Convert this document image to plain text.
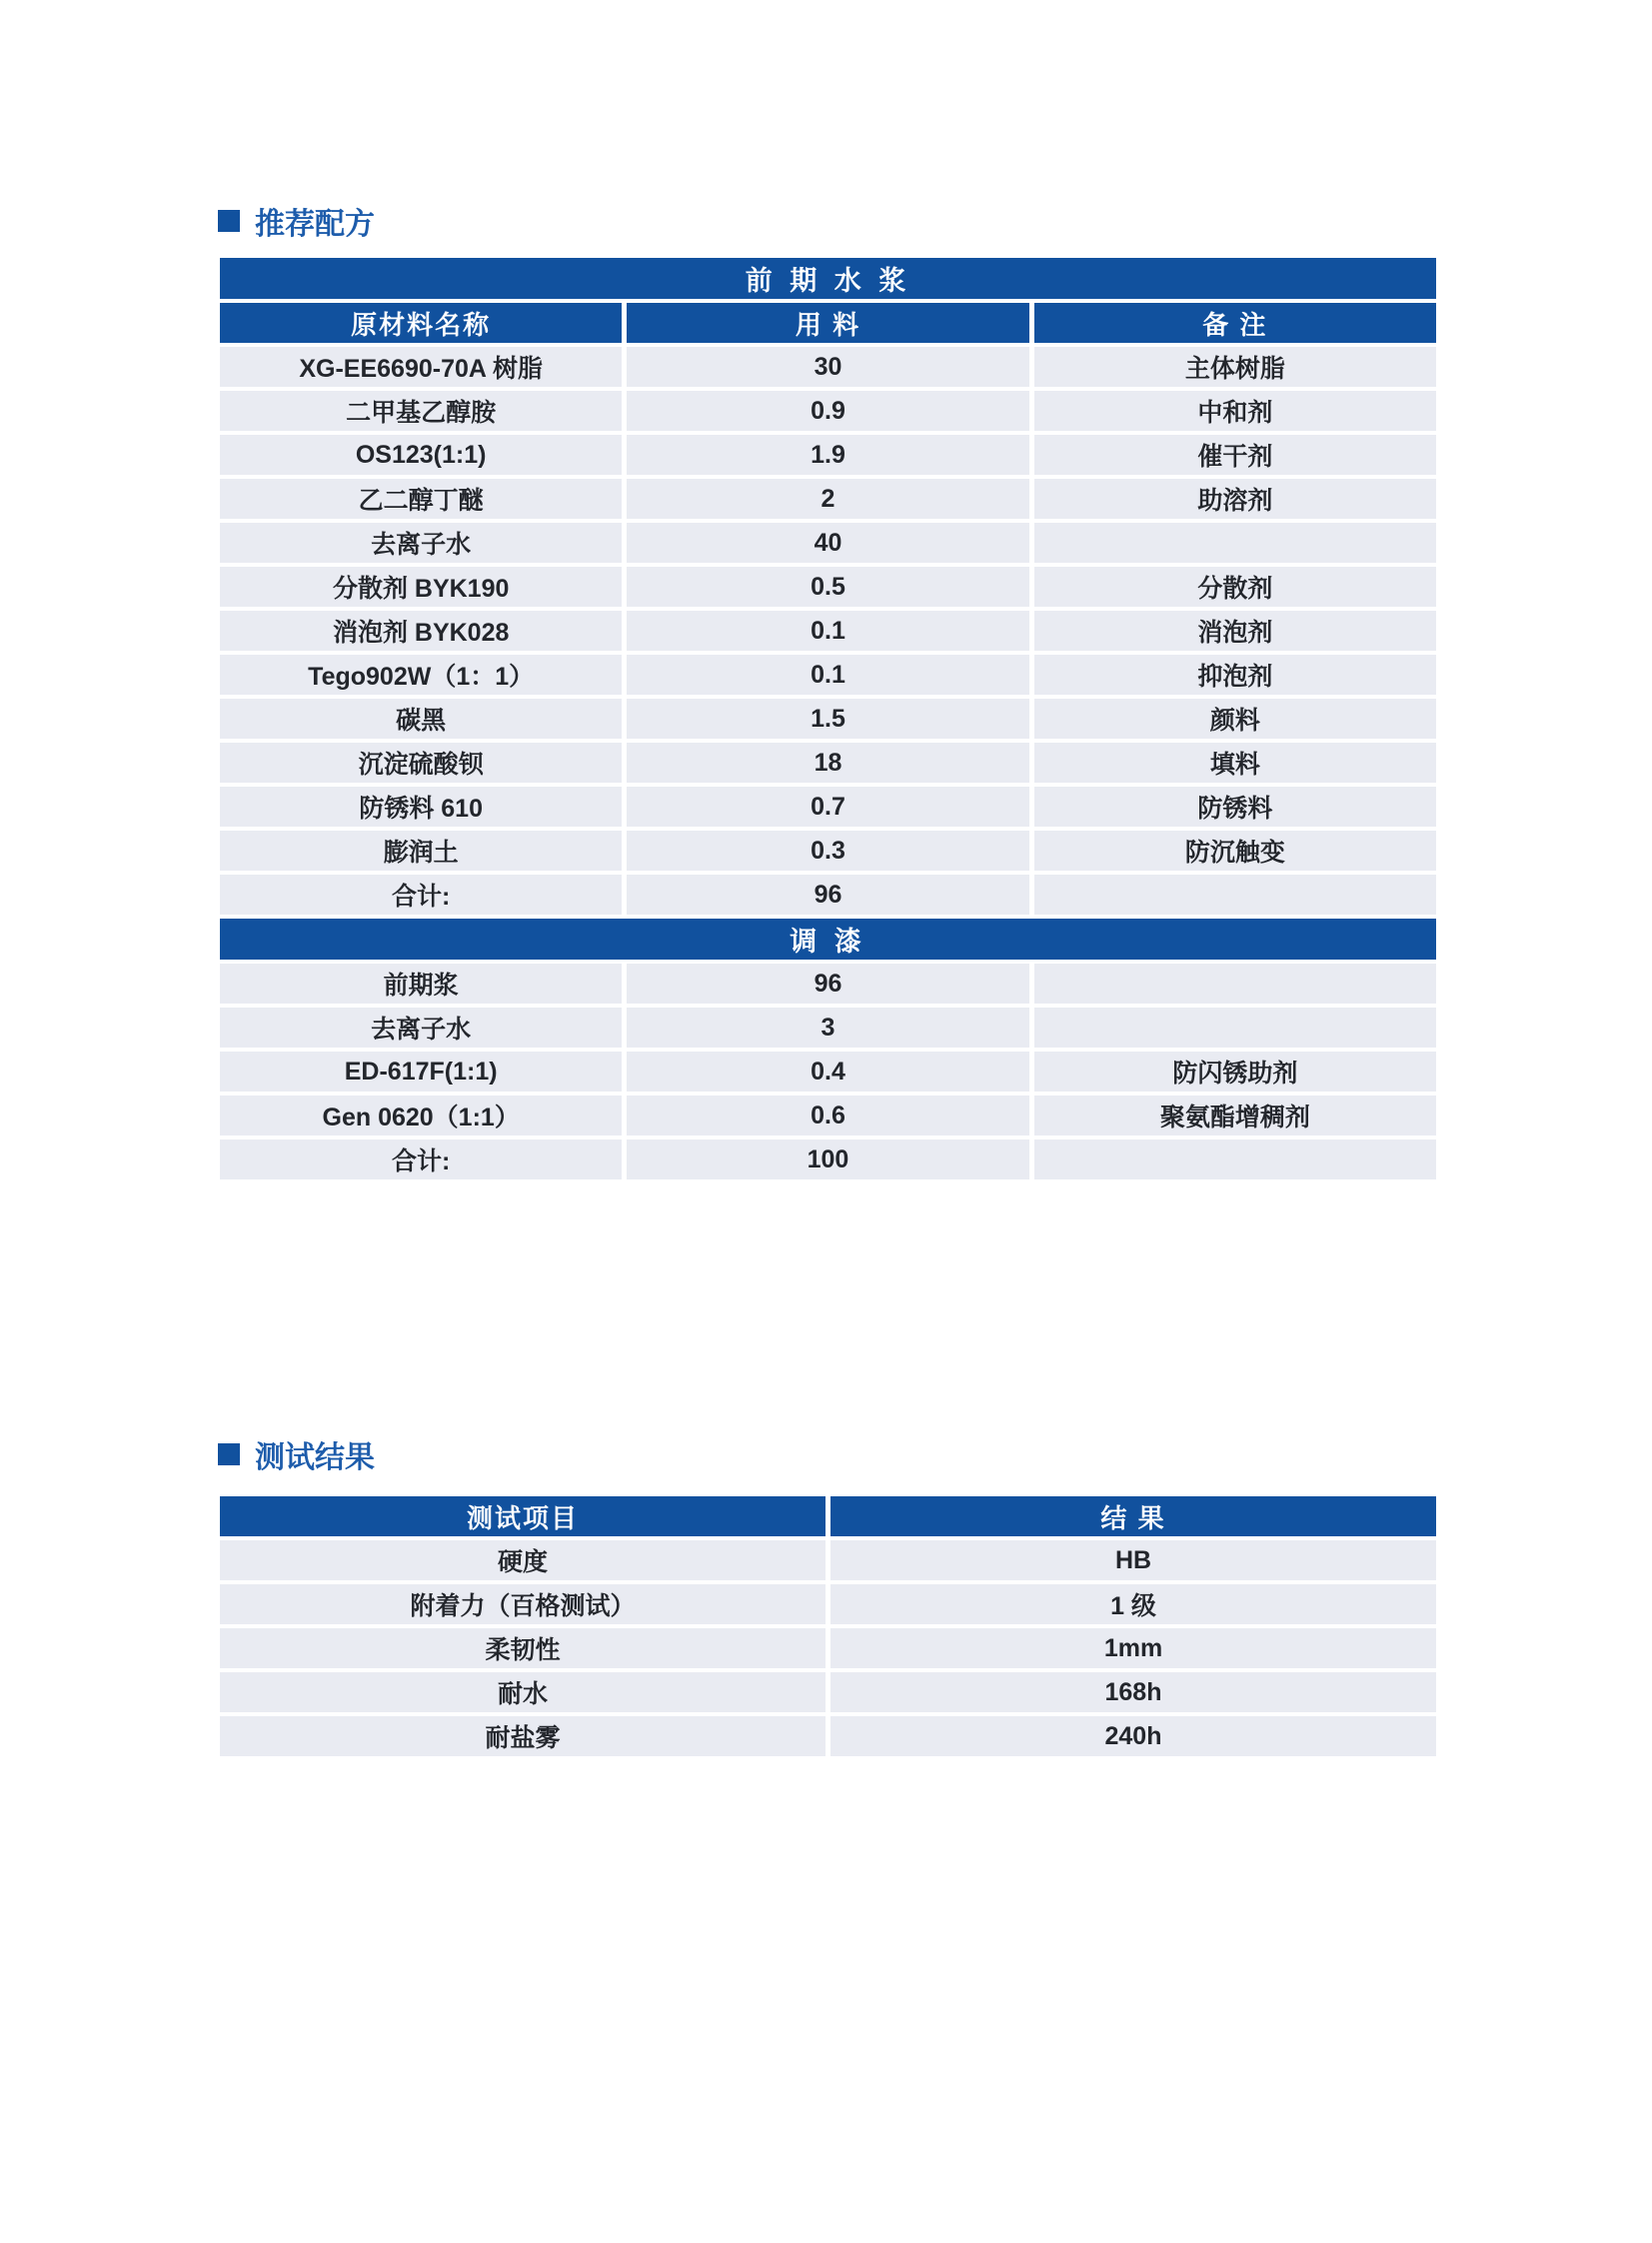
推荐配方
前 期 水 浆
原材料名称	用 料	备 注
XG-EE6690-70A 树脂	30	主体树脂
二甲基乙醇胺	0.9	中和剂
OS123(1:1)	1.9	催干剂
乙二醇丁醚	2	助溶剂
去离子水	40
分散剂 BYK190	0.5	分散剂
消泡剂 BYK028	0.1	消泡剂
Tego902W（1：1）	0.1	抑泡剂
碳黑	1.5	颜料
沉淀硫酸钡	18	填料
防锈料 610	0.7	防锈料
膨润土	0.3	防沉触变
合计:	96
调 漆
前期浆	96
去离子水	3
ED-617F(1:1)	0.4	防闪锈助剂
Gen 0620（1:1）	0.6	聚氨酯增稠剂
合计:	100
测试结果
测试项目	结 果
硬度	HB
附着力（百格测试）	1 级
柔韧性	1mm
耐水	168h
耐盐雾	240h
